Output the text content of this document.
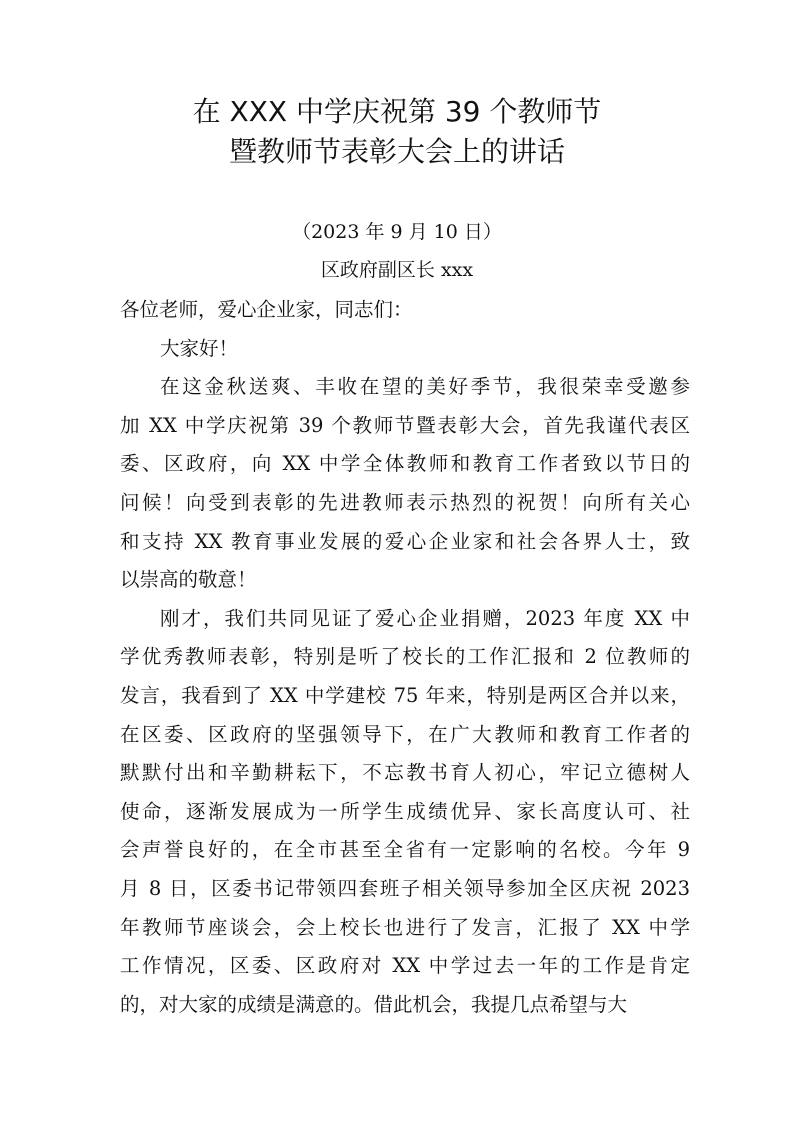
在 XXX 中学庆祝第 39 个教师节
暨教师节表彰大会上的讲话
（2023 年 9 月 10 日）
区政府副区长 xxx
各位老师，爱心企业家，同志们：
大家好！
在这金秋送爽、丰收在望的美好季节，我很荣幸受邀参
加 XX 中学庆祝第 39 个教师节暨表彰大会，首先我谨代表区
委、区政府，向 XX 中学全体教师和教育工作者致以节日的
问候！向受到表彰的先进教师表示热烈的祝贺！向所有关心
和支持 XX 教育事业发展的爱心企业家和社会各界人士，致
以崇高的敬意！
刚才，我们共同见证了爱心企业捐赠，2023 年度 XX 中
学优秀教师表彰，特别是听了校长的工作汇报和 2 位教师的
发言，我看到了 XX 中学建校 75 年来，特别是两区合并以来，
在区委、区政府的坚强领导下，在广大教师和教育工作者的
默默付出和辛勤耕耘下，不忘教书育人初心，牢记立德树人
使命，逐渐发展成为一所学生成绩优异、家长高度认可、社
会声誉良好的，在全市甚至全省有一定影响的名校。今年 9
月 8 日，区委书记带领四套班子相关领导参加全区庆祝 2023
年教师节座谈会，会上校长也进行了发言，汇报了 XX 中学
工作情况，区委、区政府对 XX 中学过去一年的工作是肯定
的，对大家的成绩是满意的。借此机会，我提几点希望与大
